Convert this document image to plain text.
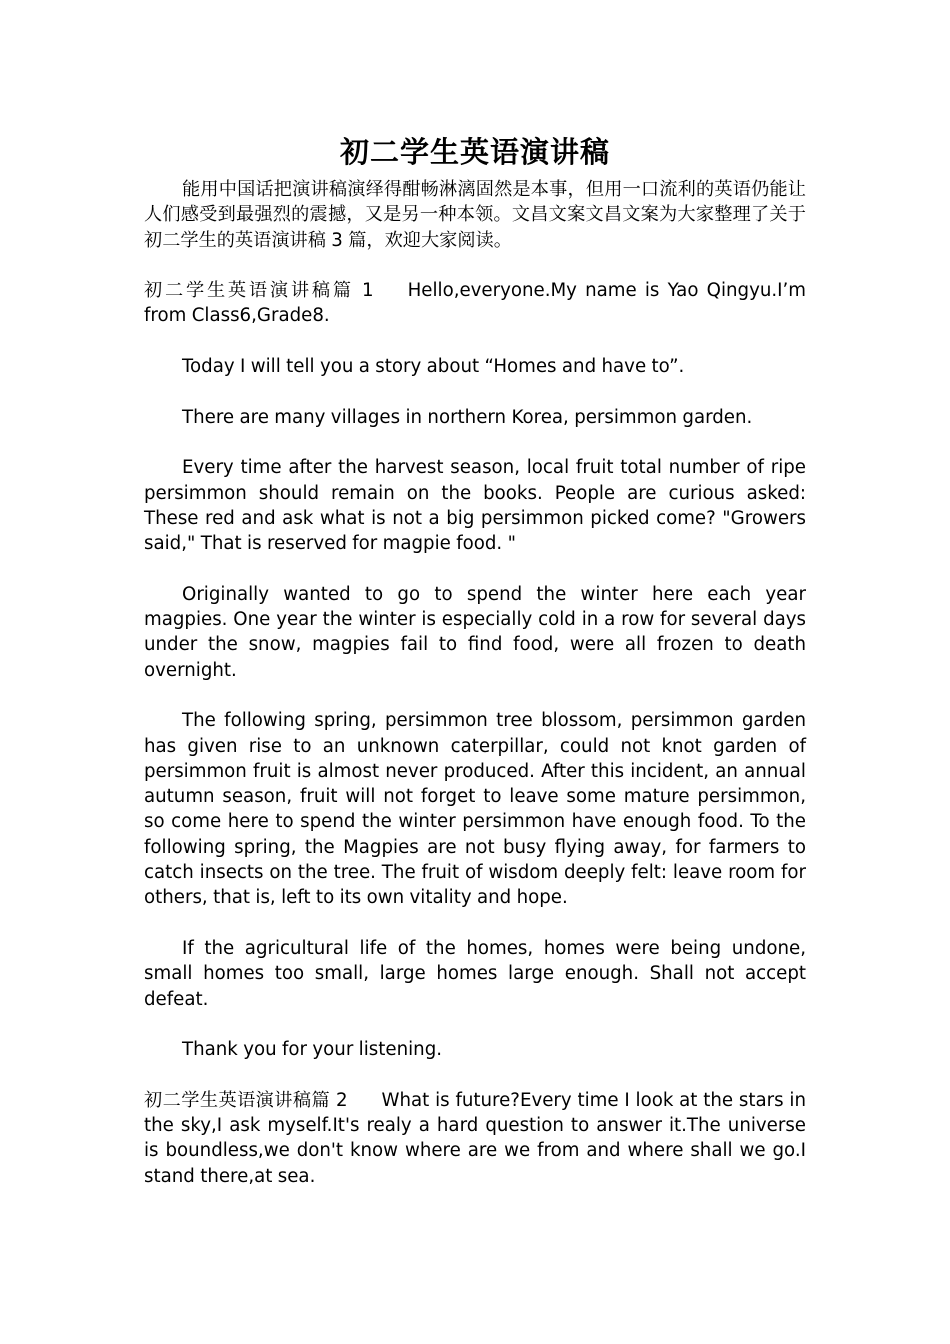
初二学生英语演讲稿

能用中国话把演讲稿演绎得酣畅淋漓固然是本事，但用一口流利的英语仍能让人们感受到最强烈的震撼，又是另一种本领。文昌文案文昌文案为大家整理了关于初二学生的英语演讲稿 3 篇，欢迎大家阅读。

初二学生英语演讲稿篇 1 Hello,everyone.My name is Yao Qingyu.I’m from Class6,Grade8.

Today I will tell you a story about “Homes and have to”.

There are many villages in northern Korea, persimmon garden.

Every time after the harvest season, local fruit total number of ripe persimmon should remain on the books. People are curious asked: These red and ask what is not a big persimmon picked come? "Growers said," That is reserved for magpie food. "

Originally wanted to go to spend the winter here each year magpies. One year the winter is especially cold in a row for several days under the snow, magpies fail to find food, were all frozen to death overnight.

The following spring, persimmon tree blossom, persimmon garden has given rise to an unknown caterpillar, could not knot garden of persimmon fruit is almost never produced. After this incident, an annual autumn season, fruit will not forget to leave some mature persimmon, so come here to spend the winter persimmon have enough food. To the following spring, the Magpies are not busy flying away, for farmers to catch insects on the tree. The fruit of wisdom deeply felt: leave room for others, that is, left to its own vitality and hope.

If the agricultural life of the homes, homes were being undone, small homes too small, large homes large enough. Shall not accept defeat.

Thank you for your listening.

初二学生英语演讲稿篇 2 What is future?Every time I look at the stars in the sky,I ask myself.It's realy a hard question to answer it.The universe is boundless,we don't know where are we from and where shall we go.I stand there,at sea.
